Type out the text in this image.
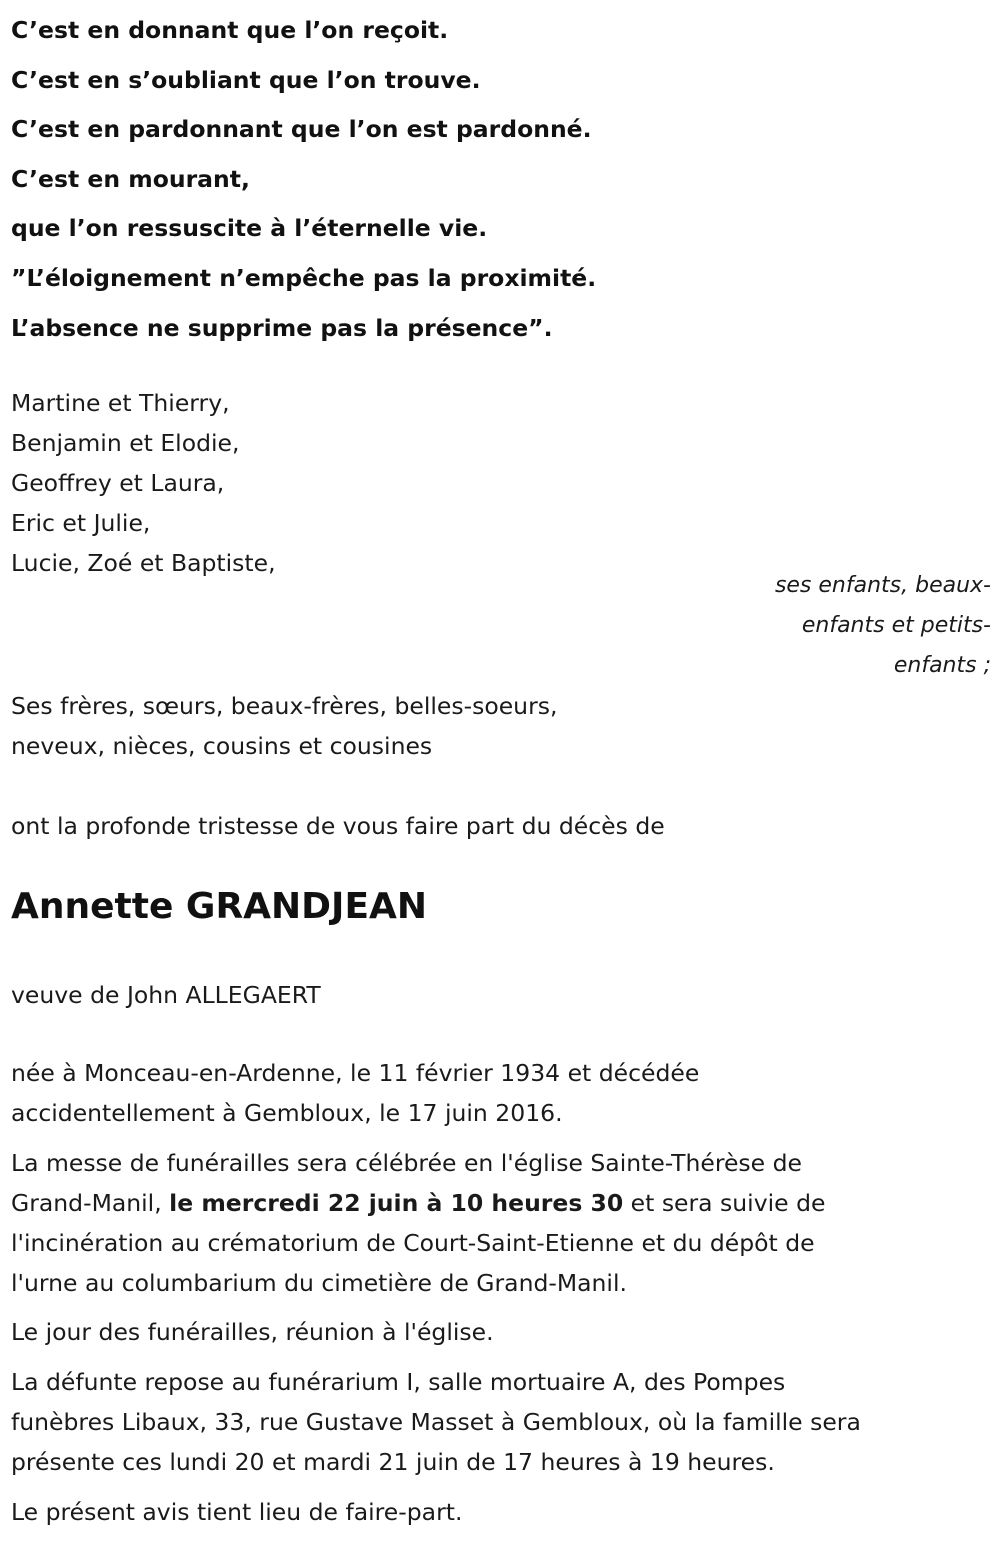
C’est en donnant que l’on reçoit.
C’est en s’oubliant que l’on trouve.
C’est en pardonnant que l’on est pardonné.
C’est en mourant,
que l’on ressuscite à l’éternelle vie.
”L’éloignement n’empêche pas la proximité.
L’absence ne supprime pas la présence”.
Martine et Thierry,
Benjamin et Elodie,
Geoffrey et Laura,
Eric et Julie,
Lucie, Zoé et Baptiste,
ses enfants, beaux-
enfants et petits-
enfants ;
Ses frères, sœurs, beaux-frères, belles-soeurs,
neveux, nièces, cousins et cousines
ont la profonde tristesse de vous faire part du décès de
Annette GRANDJEAN
veuve de John ALLEGAERT
née à Monceau-en-Ardenne, le 11 février 1934 et décédée
accidentellement à Gembloux, le 17 juin 2016.
La messe de funérailles sera célébrée en l'église Sainte-Thérèse de
Grand-Manil, le mercredi 22 juin à 10 heures 30 et sera suivie de
l'incinération au crématorium de Court-Saint-Etienne et du dépôt de
l'urne au columbarium du cimetière de Grand-Manil.
Le jour des funérailles, réunion à l'église.
La défunte repose au funérarium I, salle mortuaire A, des Pompes
funèbres Libaux, 33, rue Gustave Masset à Gembloux, où la famille sera
présente ces lundi 20 et mardi 21 juin de 17 heures à 19 heures.
Le présent avis tient lieu de faire-part.
